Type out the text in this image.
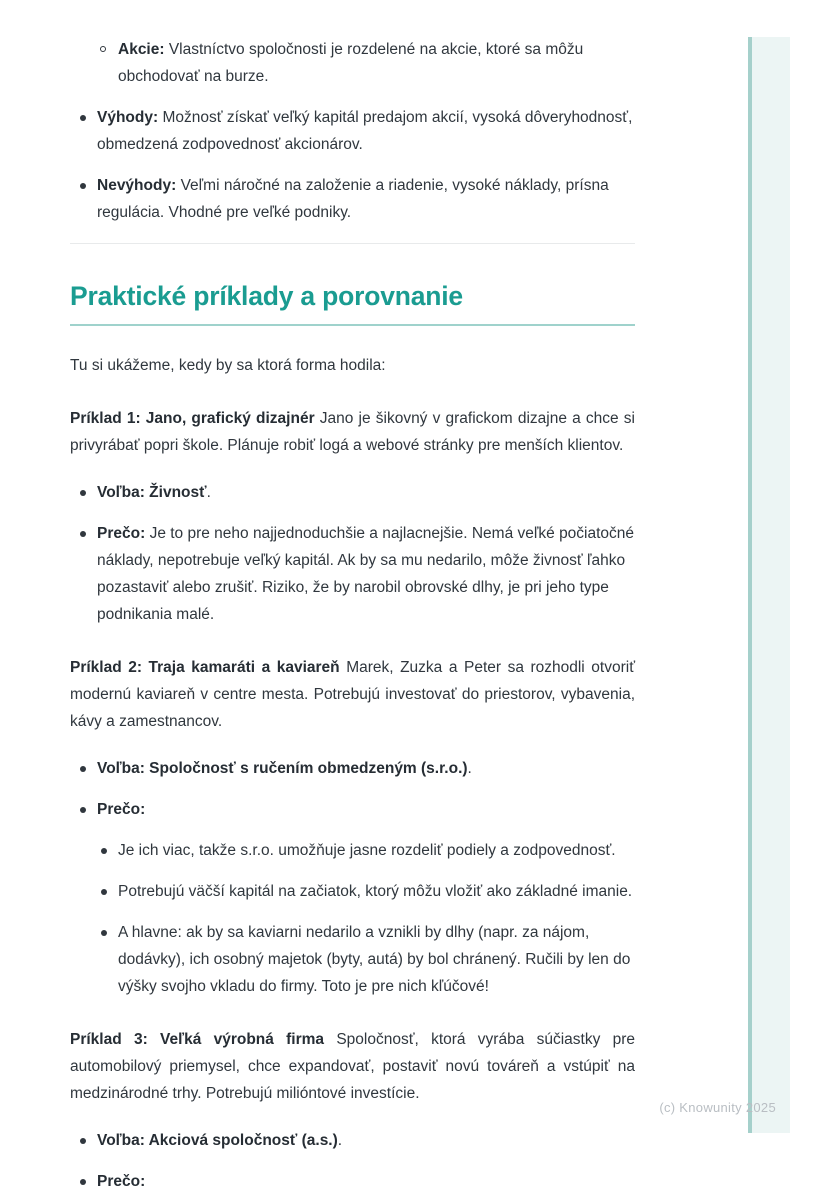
Akcie: Vlastníctvo spoločnosti je rozdelené na akcie, ktoré sa môžu obchodovať na burze.
Výhody: Možnosť získať veľký kapitál predajom akcií, vysoká dôveryhodnosť, obmedzená zodpovednosť akcionárov.
Nevýhody: Veľmi náročné na založenie a riadenie, vysoké náklady, prísna regulácia. Vhodné pre veľké podniky.
Praktické príklady a porovnanie

Tu si ukážeme, kedy by sa ktorá forma hodila:

Príklad 1: Jano, grafický dizajnér Jano je šikovný v grafickom dizajne a chce si privyrábať popri škole. Plánuje robiť logá a webové stránky pre menších klientov.

Voľba: Živnosť.
Prečo: Je to pre neho najjednoduchšie a najlacnejšie. Nemá veľké počiatočné náklady, nepotrebuje veľký kapitál. Ak by sa mu nedarilo, môže živnosť ľahko pozastaviť alebo zrušiť. Riziko, že by narobil obrovské dlhy, je pri jeho type podnikania malé.

Príklad 2: Traja kamaráti a kaviareň Marek, Zuzka a Peter sa rozhodli otvoriť modernú kaviareň v centre mesta. Potrebujú investovať do priestorov, vybavenia, kávy a zamestnancov.

Voľba: Spoločnosť s ručením obmedzeným (s.r.o.).
Prečo:
Je ich viac, takže s.r.o. umožňuje jasne rozdeliť podiely a zodpovednosť.
Potrebujú väčší kapitál na začiatok, ktorý môžu vložiť ako základné imanie.
A hlavne: ak by sa kaviarni nedarilo a vznikli by dlhy (napr. za nájom, dodávky), ich osobný majetok (byty, autá) by bol chránený. Ručili by len do výšky svojho vkladu do firmy. Toto je pre nich kľúčové!

Príklad 3: Veľká výrobná firma Spoločnosť, ktorá vyrába súčiastky pre automobilový priemysel, chce expandovať, postaviť novú továreň a vstúpiť na medzinárodné trhy. Potrebujú milióntové investície.

Voľba: Akciová spoločnosť (a.s.).
Prečo:
(c) Knowunity 2025
